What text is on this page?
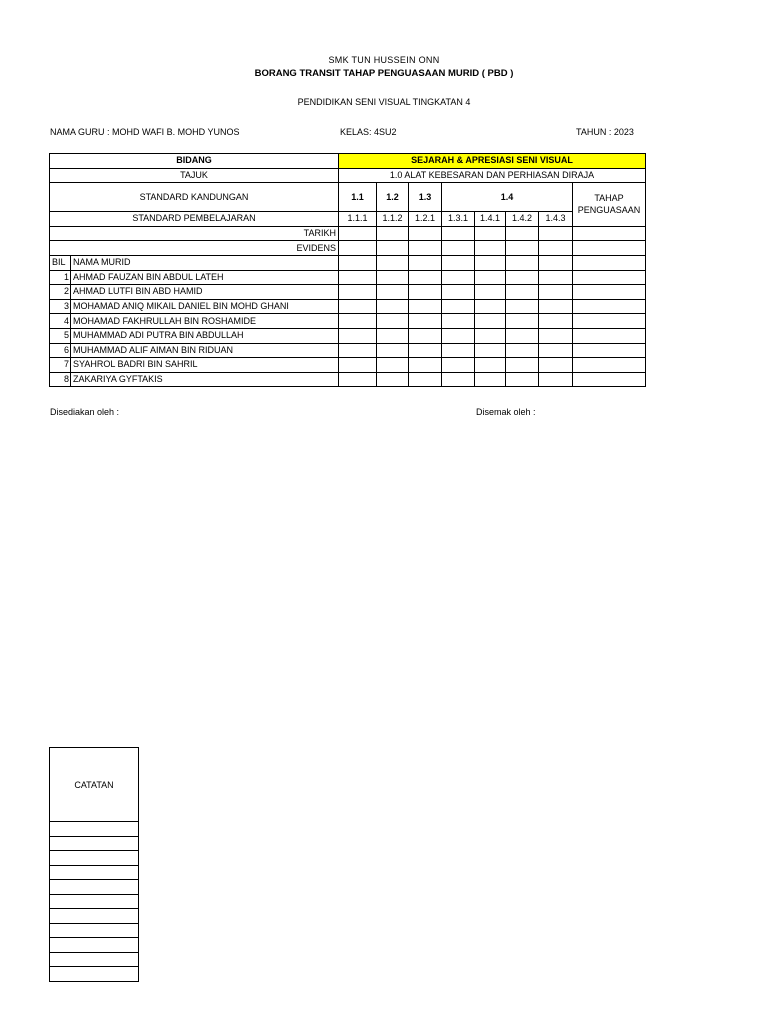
SMK TUN HUSSEIN ONN
BORANG TRANSIT TAHAP PENGUASAAN MURID ( PBD )
PENDIDIKAN SENI VISUAL TINGKATAN 4
NAMA GURU : MOHD WAFI B. MOHD YUNOS	KELAS: 4SU2	TAHUN : 2023
BIDANG		SEJARAH & APRESIASI SENI VISUAL							
TAJUK		1.0 ALAT KEBESARAN DAN PERHIASAN DIRAJA							
STANDARD KANDUNGAN		1.1	1.2	1.3	1.4				TAHAP
PENGUASAAN
STANDARD PEMBELAJARAN		1.1.1	1.1.2	1.2.1	1.3.1	1.4.1	1.4.2	1.4.3	
TARIKH									
EVIDENS									
BIL	NAMA MURID								
1	AHMAD FAUZAN BIN ABDUL LATEH								
2	AHMAD LUTFI BIN ABD HAMID								
3	MOHAMAD ANIQ MIKAIL DANIEL BIN MOHD GHANI								
4	MOHAMAD FAKHRULLAH BIN ROSHAMIDE								
5	MUHAMMAD ADI PUTRA BIN ABDULLAH								
6	MUHAMMAD ALIF AIMAN BIN RIDUAN								
7	SYAHROL BADRI BIN SAHRIL								
8	ZAKARIYA GYFTAKIS								
Disediakan oleh :	Disemak oleh :
CATATAN
